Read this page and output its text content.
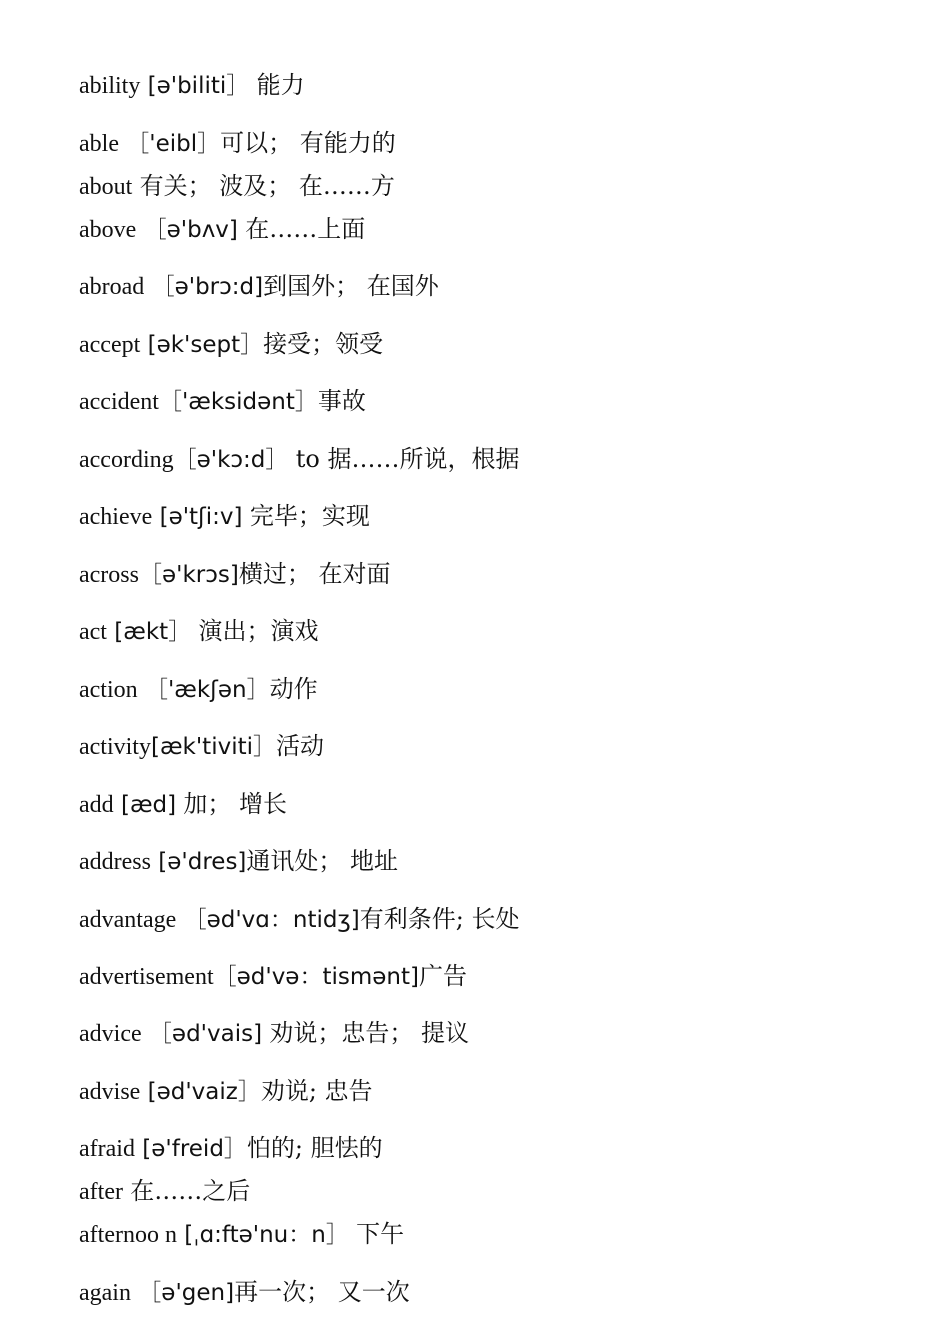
ability [ə'biliti］ 能力
able ［'eibl］可以； 有能力的
about 有关； 波及； 在……方
above ［ə'bʌv] 在……上面
abroad ［ə'brɔ:d]到国外； 在国外
accept [ək'sept］接受；领受
accident［'æksidənt］事故
according［ə'kɔ:d］ to 据……所说，根据
achieve [ə'tʃi:v] 完毕；实现
across［ə'krɔs]横过； 在对面
act [ækt］ 演出；演戏
action ［'ækʃən］动作
activity[æk'tiviti］活动
add [æd] 加； 增长
address [ə'dres]通讯处； 地址
advantage ［əd'vɑ：ntidʒ]有利条件; 长处
advertisement［əd'və：tismənt]广告
advice ［əd'vais] 劝说；忠告； 提议
advise [əd'vaiz］劝说; 忠告
afraid [ə'freid］怕的; 胆怯的
after 在……之后
afternoo n [ˌɑ:ftə'nu：n］ 下午
again ［ə'gen]再一次； 又一次
